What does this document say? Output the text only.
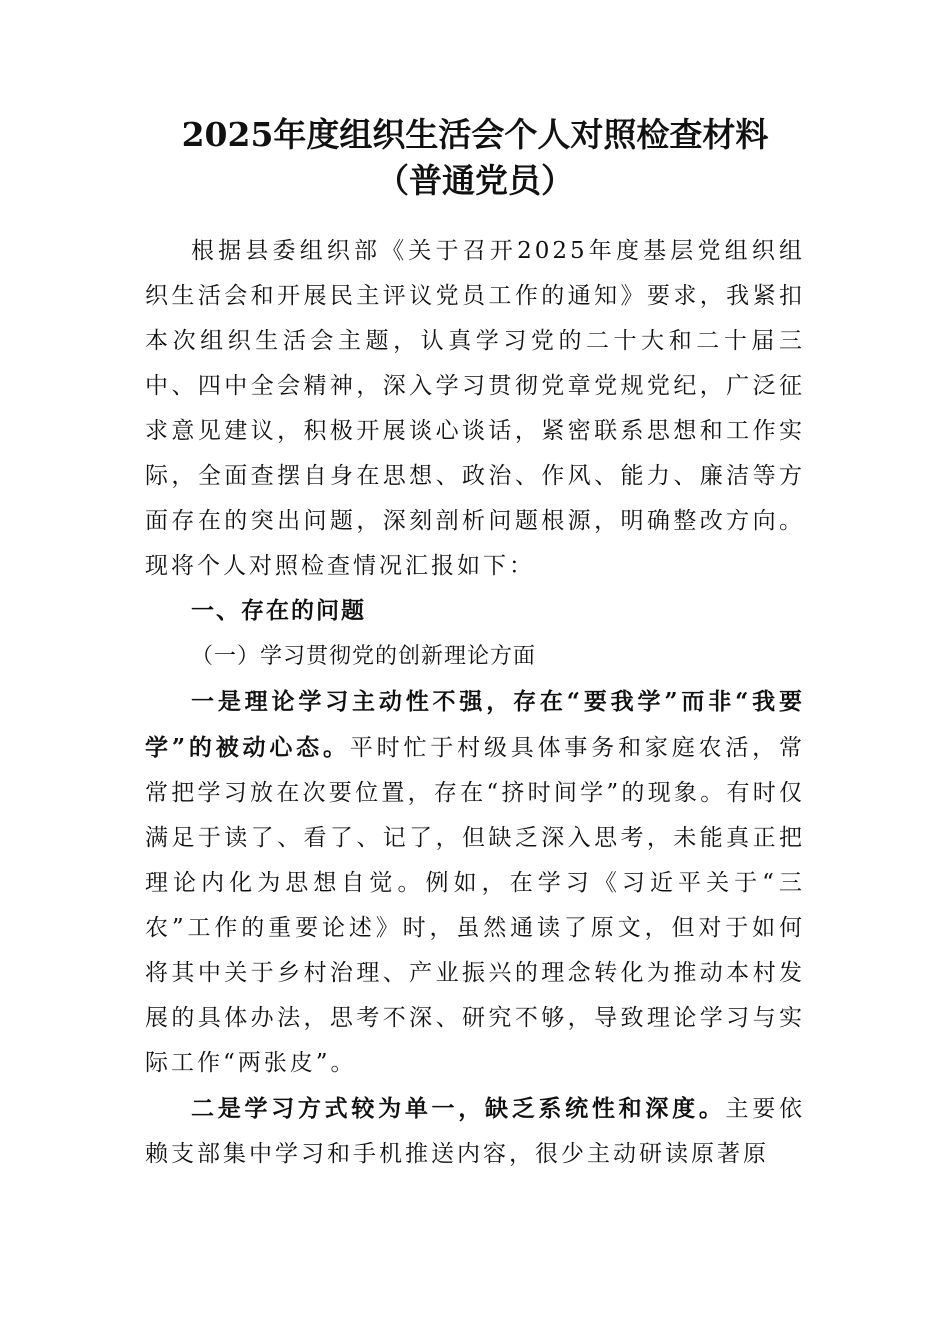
2025年度组织生活会个人对照检查材料
（普通党员）

根据县委组织部《关于召开2025年度基层党组织组织生活会和开展民主评议党员工作的通知》要求，我紧扣本次组织生活会主题，认真学习党的二十大和二十届三中、四中全会精神，深入学习贯彻党章党规党纪，广泛征求意见建议，积极开展谈心谈话，紧密联系思想和工作实际，全面查摆自身在思想、政治、作风、能力、廉洁等方面存在的突出问题，深刻剖析问题根源，明确整改方向。现将个人对照检查情况汇报如下：

一、存在的问题

（一）学习贯彻党的创新理论方面

一是理论学习主动性不强，存在“要我学”而非“我要学”的被动心态。平时忙于村级具体事务和家庭农活，常常把学习放在次要位置，存在“挤时间学”的现象。有时仅满足于读了、看了、记了，但缺乏深入思考，未能真正把理论内化为思想自觉。例如，在学习《习近平关于“三农”工作的重要论述》时，虽然通读了原文，但对于如何将其中关于乡村治理、产业振兴的理念转化为推动本村发展的具体办法，思考不深、研究不够，导致理论学习与实际工作“两张皮”。

二是学习方式较为单一，缺乏系统性和深度。主要依赖支部集中学习和手机推送内容，很少主动研读原著原
